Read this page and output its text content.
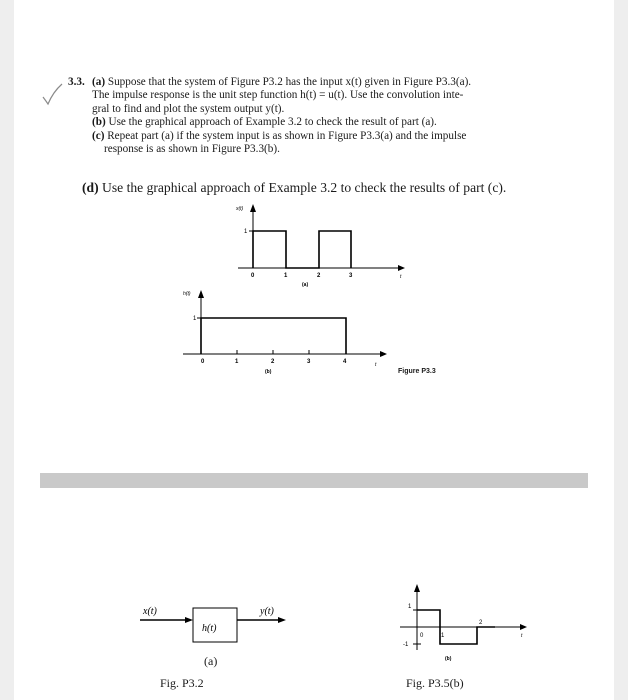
3.3. (a) Suppose that the system of Figure P3.2 has the input x(t) given in Figure P3.3(a).

The impulse response is the unit step function h(t) = u(t). Use the convolution inte-

gral to find and plot the system output y(t).

(b) Use the graphical approach of Example 3.2 to check the result of part (a).

(c) Repeat part (a) if the system input is as shown in Figure P3.3(a) and the impulse

response is as shown in Figure P3.3(b).

(d) Use the graphical approach of Example 3.2 to check the results of part (c).
x(t)
1
0	1	2	3	t
(a)
h(t)
1
0	1	2	3	4	t
(b)	Figure P3.3
x(t)
h(t)
y(t)
(a)
Fig. P3.2
1
-1
0	1
2
t
(b)
Fig. P3.5(b)
